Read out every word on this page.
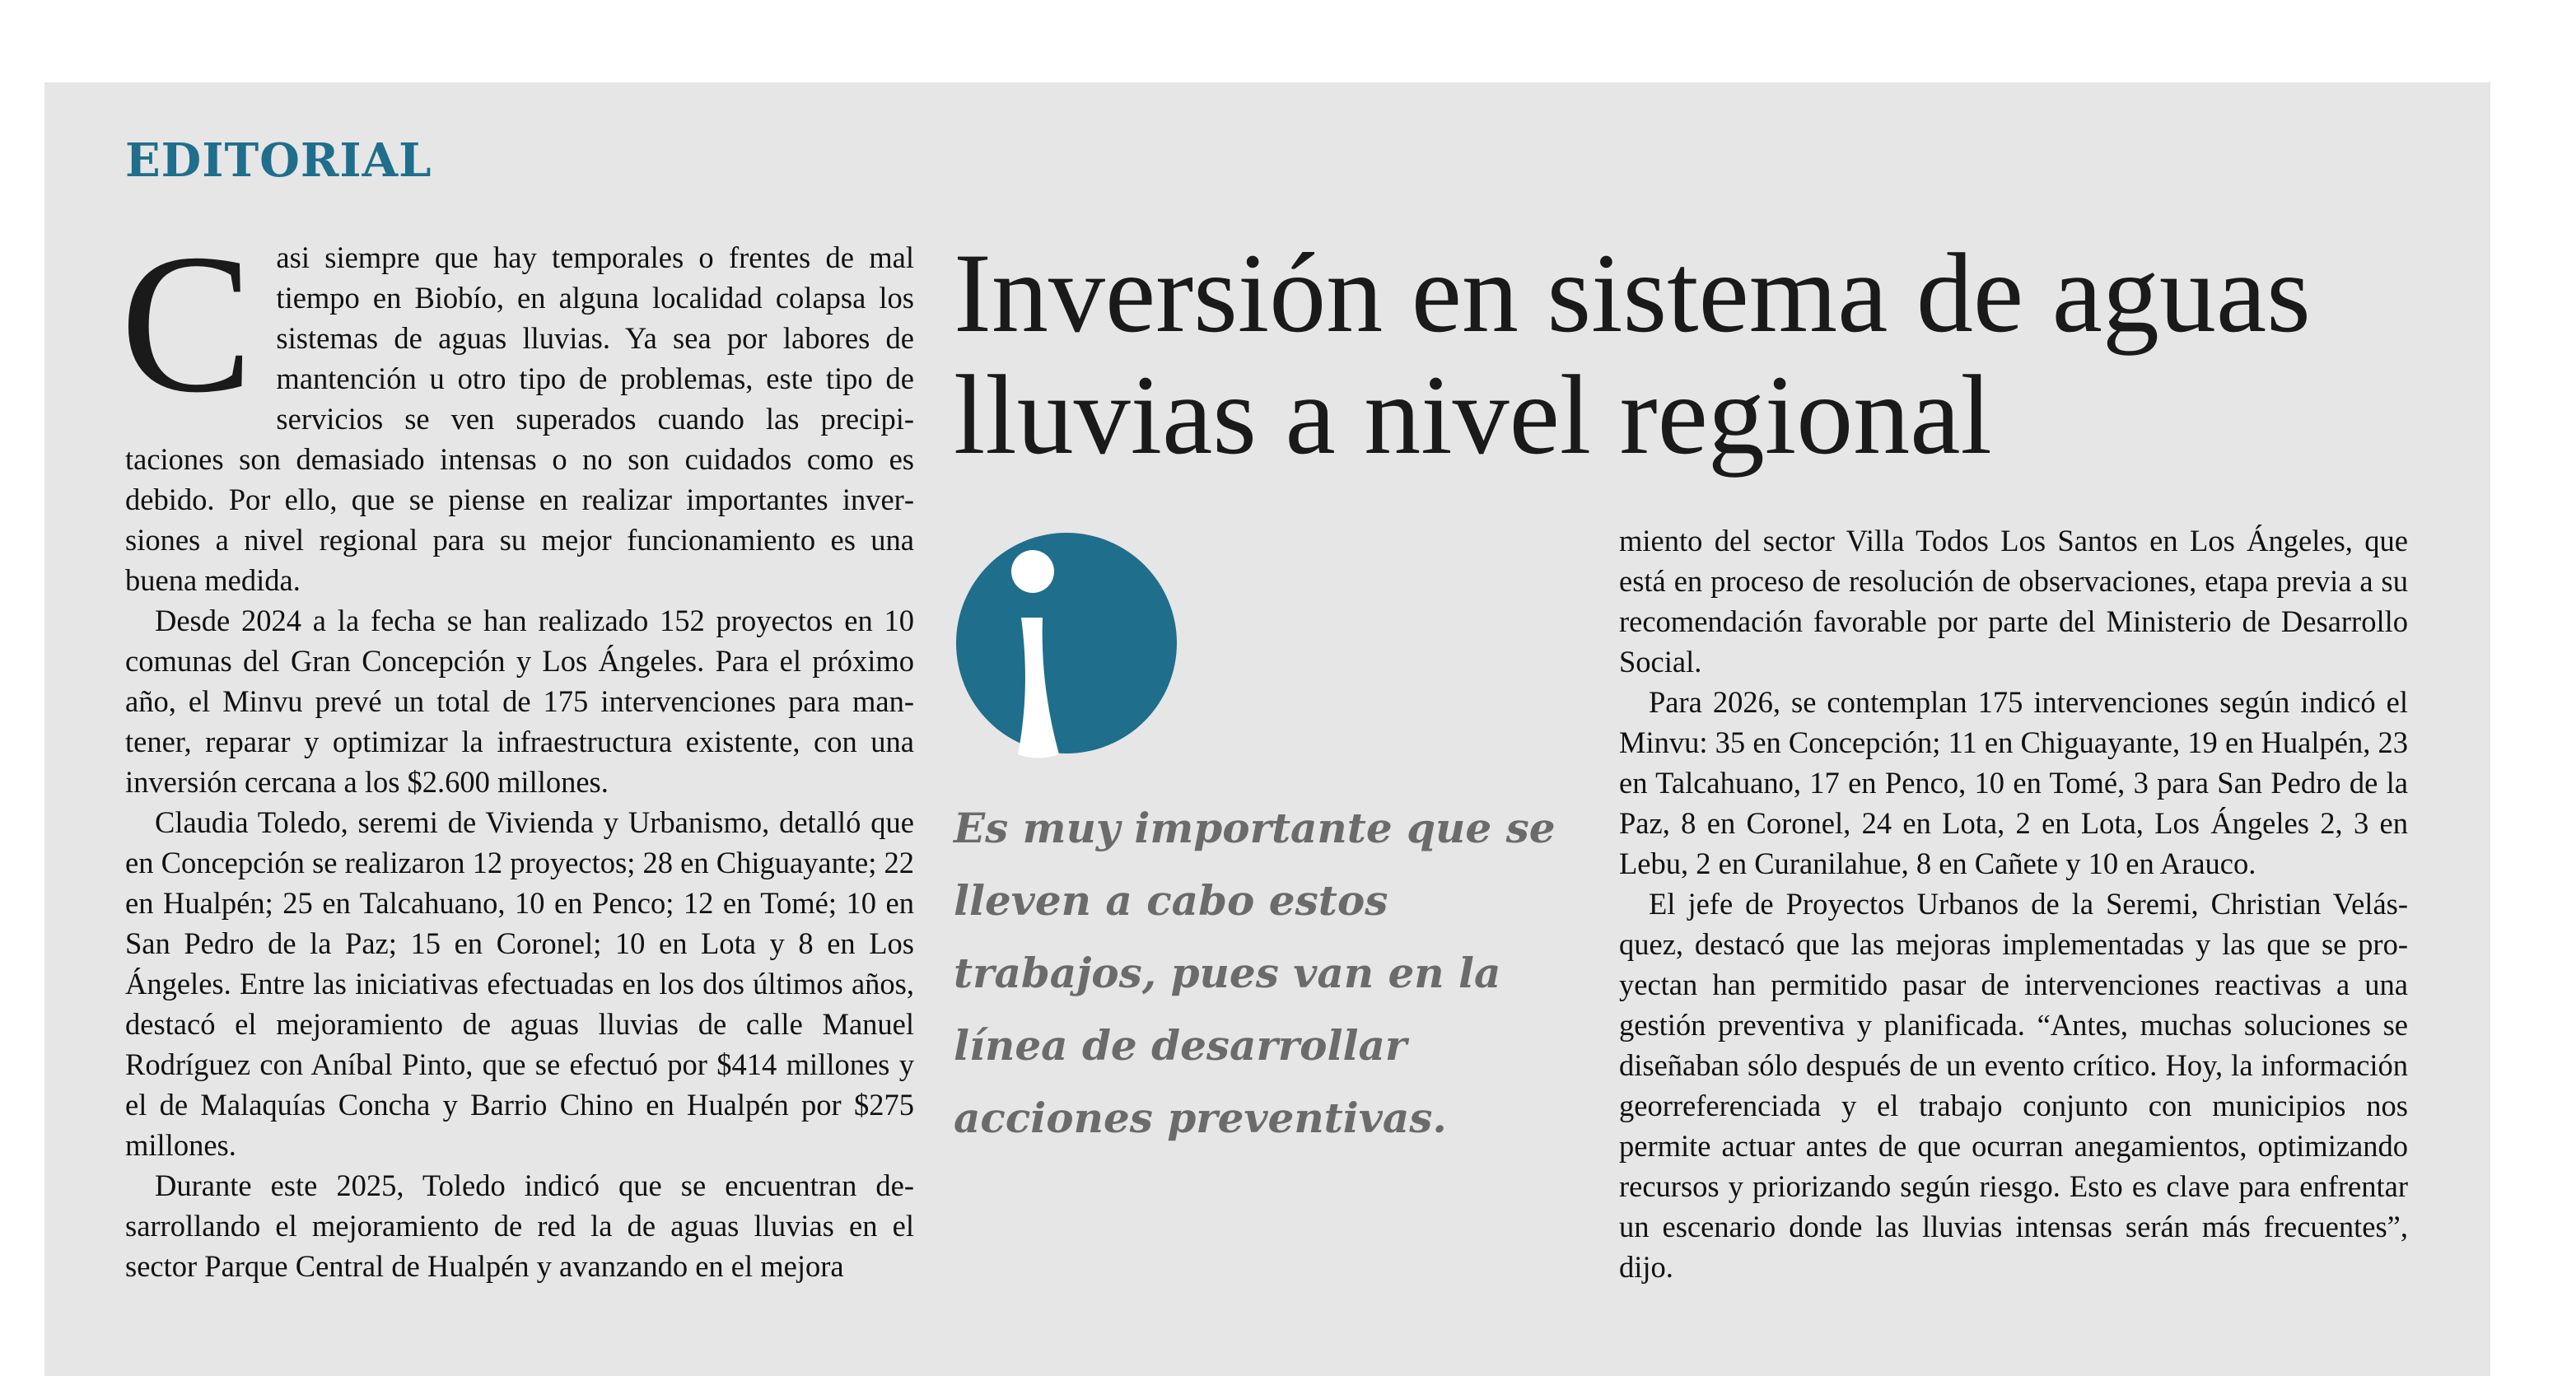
EDITORIAL

Casi siempre que hay temporales o frentes de mal tiempo en Biobío, en alguna localidad colapsa los sistemas de aguas lluvias. Ya sea por labores de mantención u otro tipo de problemas, este tipo de servicios se ven superados cuando las precipitaciones son demasiado intensas o no son cuidados como es debido. Por ello, que se piense en realizar importantes inversiones a nivel regional para su mejor funcionamiento es una buena medida.

Desde 2024 a la fecha se han realizado 152 proyectos en 10 comunas del Gran Concepción y Los Ángeles. Para el próximo año, el Minvu prevé un total de 175 intervenciones para mantener, reparar y optimizar la infraestructura existente, con una inversión cercana a los $2.600 millones.

Claudia Toledo, seremi de Vivienda y Urbanismo, detalló que en Concepción se realizaron 12 proyectos; 28 en Chiguayante; 22 en Hualpén; 25 en Talcahuano, 10 en Penco; 12 en Tomé; 10 en San Pedro de la Paz; 15 en Coronel; 10 en Lota y 8 en Los Ángeles. Entre las iniciativas efectuadas en los dos últimos años, destacó el mejoramiento de aguas lluvias de calle Manuel Rodríguez con Aníbal Pinto, que se efectuó por $414 millones y el de Malaquías Concha y Barrio Chino en Hualpén por $275 millones.

Durante este 2025, Toledo indicó que se encuentran desarrollando el mejoramiento de red la de aguas lluvias en el sector Parque Central de Hualpén y avanzando en el mejora

Inversión en sistema de aguas lluvias a nivel regional

Es muy importante que se lleven a cabo estos trabajos, pues van en la línea de desarrollar acciones preventivas.

miento del sector Villa Todos Los Santos en Los Ángeles, que está en proceso de resolución de observaciones, etapa previa a su recomendación favorable por parte del Ministerio de Desarrollo Social.

Para 2026, se contemplan 175 intervenciones según indicó el Minvu: 35 en Concepción; 11 en Chiguayante, 19 en Hualpén, 23 en Talcahuano, 17 en Penco, 10 en Tomé, 3 para San Pedro de la Paz, 8 en Coronel, 24 en Lota, 2 en Lota, Los Ángeles 2, 3 en Lebu, 2 en Curanilahue, 8 en Cañete y 10 en Arauco.

El jefe de Proyectos Urbanos de la Seremi, Christian Velásquez, destacó que las mejoras implementadas y las que se proyectan han permitido pasar de intervenciones reactivas a una gestión preventiva y planificada. “Antes, muchas soluciones se diseñaban sólo después de un evento crítico. Hoy, la información georreferenciada y el trabajo conjunto con municipios nos permite actuar antes de que ocurran anegamientos, optimizando recursos y priorizando según riesgo. Esto es clave para enfrentar un escenario donde las lluvias intensas serán más frecuentes”, dijo.
